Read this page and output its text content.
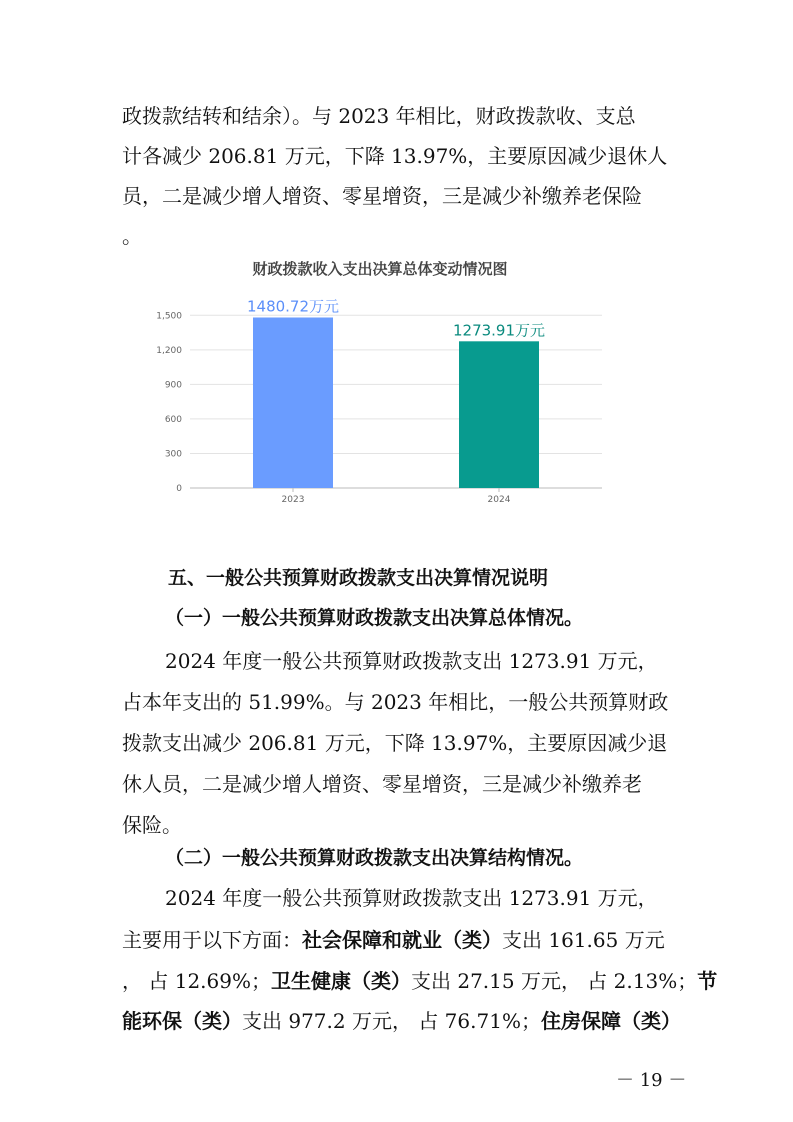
政拨款结转和结余）。与 2023 年相比，财政拨款收、支总
计各减少 206.81 万元，下降 13.97%，主要原因减少退休人
员，二是减少增人增资、零星增资，三是减少补缴养老保险
。
财政拨款收入支出决算总体变动情况图
0
300
600
900
1,200
1,500
2023	2024
1480.72万元
1273.91万元
五、一般公共预算财政拨款支出决算情况说明
（一）一般公共预算财政拨款支出决算总体情况。
2024 年度一般公共预算财政拨款支出 1273.91 万元，
占本年支出的 51.99%。与 2023 年相比，一般公共预算财政
拨款支出减少 206.81 万元，下降 13.97%，主要原因减少退
休人员，二是减少增人增资、零星增资，三是减少补缴养老
保险。
（二）一般公共预算财政拨款支出决算结构情况。
2024 年度一般公共预算财政拨款支出 1273.91 万元，
主要用于以下方面：社会保障和就业（类）支出 161.65 万元
， 占 12.69%；卫生健康（类）支出 27.15 万元， 占 2.13%；节
能环保（类）支出 977.2 万元， 占 76.71%；住房保障（类）
－ 19 －
